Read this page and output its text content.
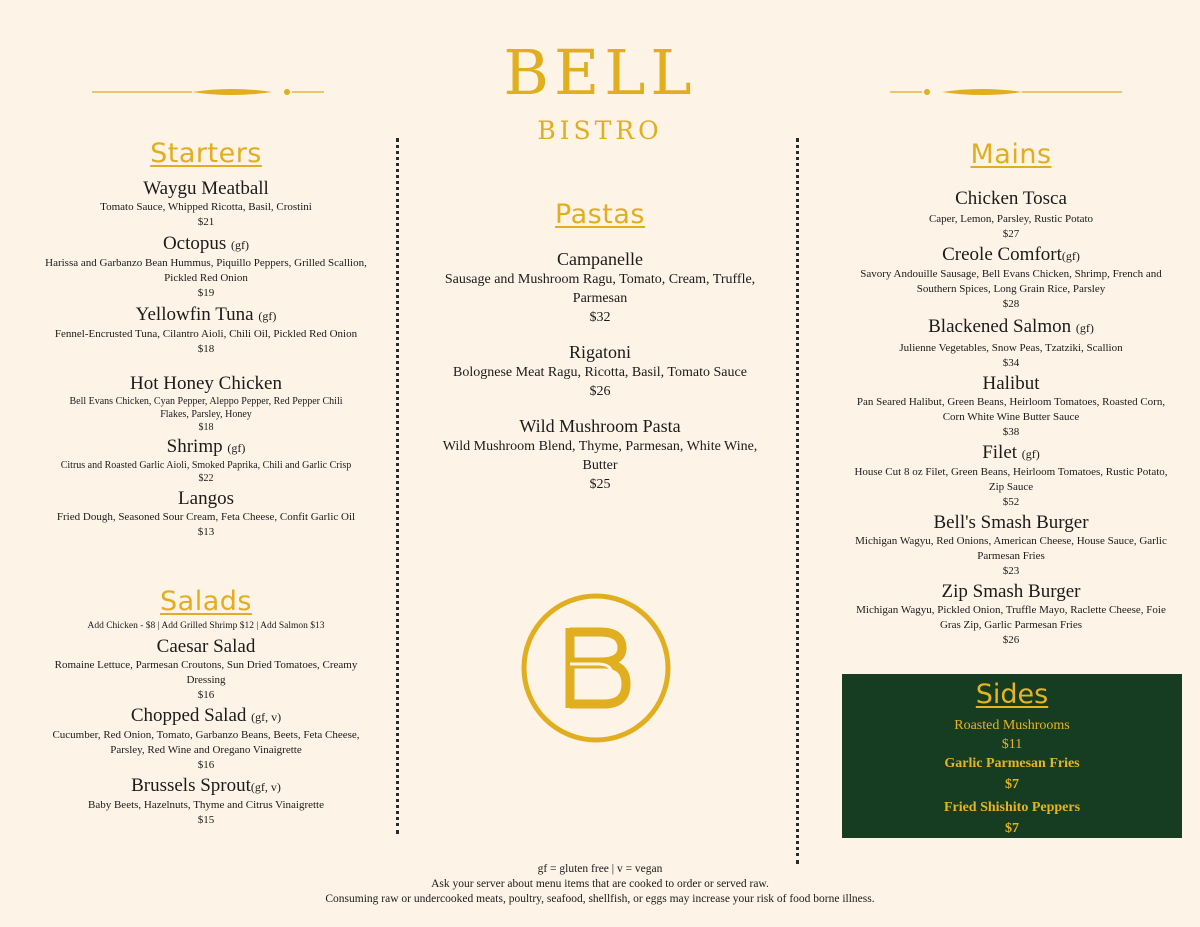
BELL
BISTRO
Starters
Waygu Meatball
Tomato Sauce, Whipped Ricotta, Basil, Crostini
$21
Octopus (gf)
Harissa and Garbanzo Bean Hummus, Piquillo Peppers, Grilled Scallion, Pickled Red Onion
$19
Yellowfin Tuna (gf)
Fennel-Encrusted Tuna, Cilantro Aioli, Chili Oil, Pickled Red Onion
$18
Hot Honey Chicken
Bell Evans Chicken, Cyan Pepper, Aleppo Pepper, Red Pepper Chili Flakes, Parsley, Honey
$18
Shrimp (gf)
Citrus and Roasted Garlic Aioli, Smoked Paprika, Chili and Garlic Crisp
$22
Langos
Fried Dough, Seasoned Sour Cream, Feta Cheese, Confit Garlic Oil
$13
Salads
Add Chicken - $8 | Add Grilled Shrimp $12 | Add Salmon $13
Caesar Salad
Romaine Lettuce, Parmesan Croutons, Sun Dried Tomatoes, Creamy Dressing
$16
Chopped Salad (gf, v)
Cucumber, Red Onion, Tomato, Garbanzo Beans, Beets, Feta Cheese, Parsley, Red Wine and Oregano Vinaigrette
$16
Brussels Sprout(gf, v)
Baby Beets, Hazelnuts, Thyme and Citrus Vinaigrette
$15
Pastas
Campanelle
Sausage and Mushroom Ragu, Tomato, Cream, Truffle, Parmesan
$32
Rigatoni
Bolognese Meat Ragu, Ricotta, Basil, Tomato Sauce
$26
Wild Mushroom Pasta
Wild Mushroom Blend, Thyme, Parmesan, White Wine, Butter
$25
Mains
Chicken Tosca
Caper, Lemon, Parsley, Rustic Potato
$27
Creole Comfort(gf)
Savory Andouille Sausage, Bell Evans Chicken, Shrimp, French and Southern Spices, Long Grain Rice, Parsley
$28
Blackened Salmon (gf)
Julienne Vegetables, Snow Peas, Tzatziki, Scallion
$34
Halibut
Pan Seared Halibut, Green Beans, Heirloom Tomatoes, Roasted Corn, Corn White Wine Butter Sauce
$38
Filet (gf)
House Cut 8 oz Filet, Green Beans, Heirloom Tomatoes, Rustic Potato, Zip Sauce
$52
Bell's Smash Burger
Michigan Wagyu, Red Onions, American Cheese, House Sauce, Garlic Parmesan Fries
$23
Zip Smash Burger
Michigan Wagyu, Pickled Onion, Truffle Mayo, Raclette Cheese, Foie Gras Zip, Garlic Parmesan Fries
$26
Sides
Roasted Mushrooms
$11
Garlic Parmesan Fries
$7
Fried Shishito Peppers
$7
gf = gluten free | v = vegan
Ask your server about menu items that are cooked to order or served raw.
Consuming raw or undercooked meats, poultry, seafood, shellfish, or eggs may increase your risk of food borne illness.
